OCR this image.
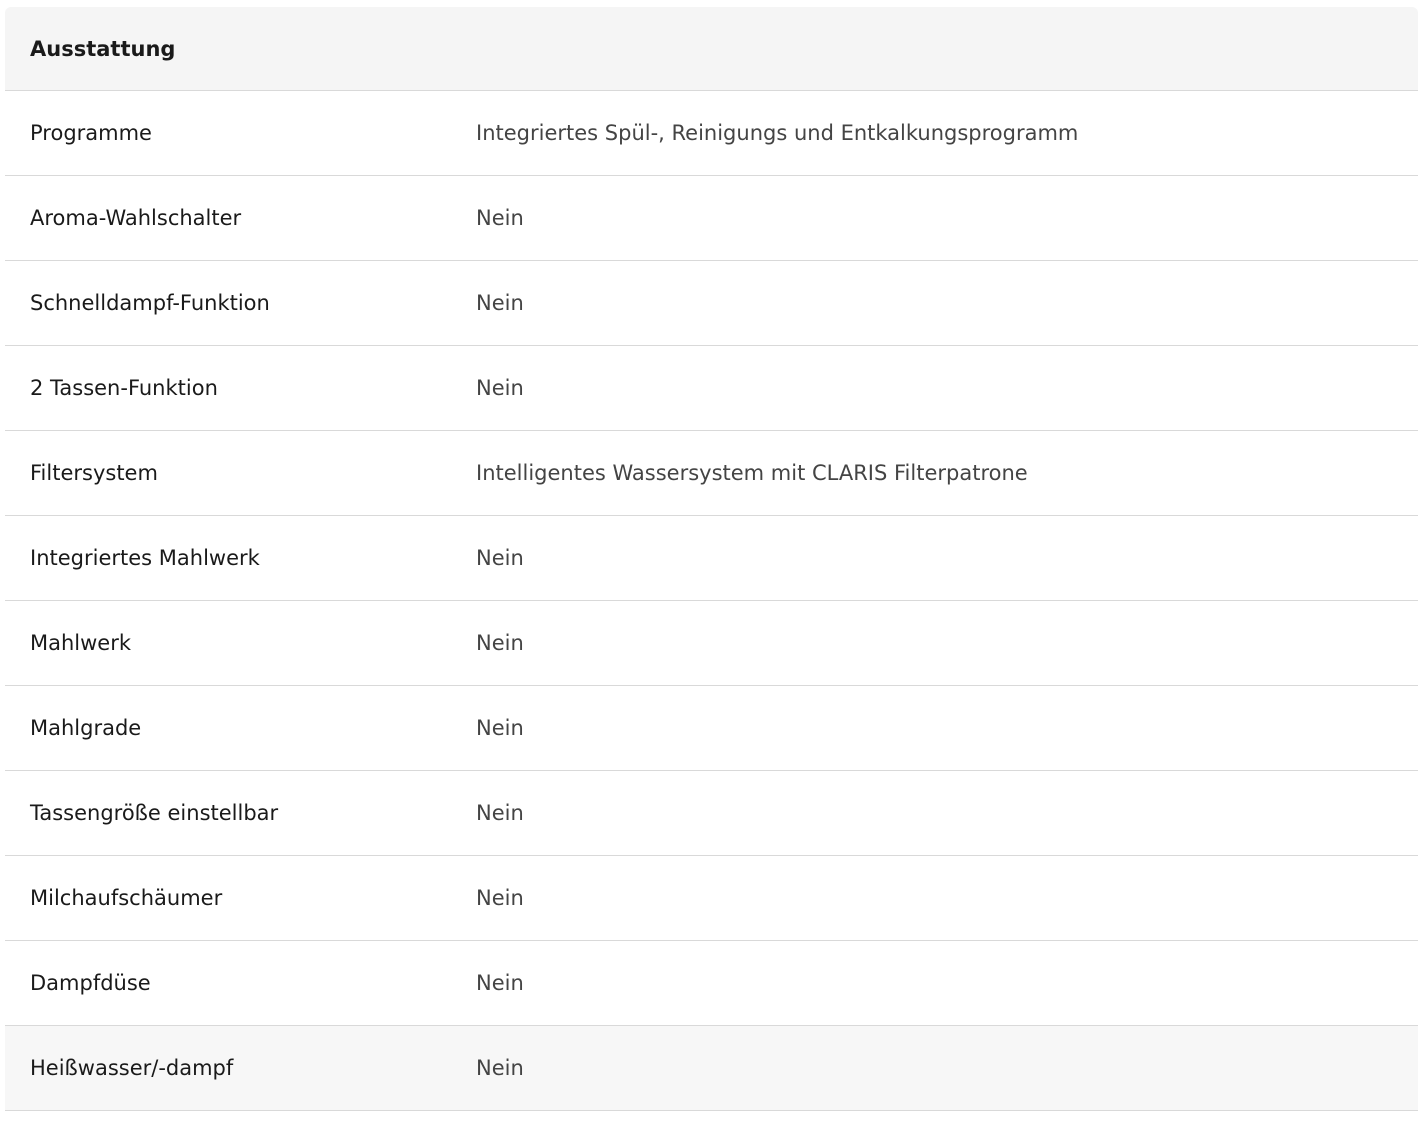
Ausstattung
Programme	Integriertes Spül-, Reinigungs und Entkalkungsprogramm
Aroma-Wahlschalter	Nein
Schnelldampf-Funktion	Nein
2 Tassen-Funktion	Nein
Filtersystem	Intelligentes Wassersystem mit CLARIS Filterpatrone
Integriertes Mahlwerk	Nein
Mahlwerk	Nein
Mahlgrade	Nein
Tassengröße einstellbar	Nein
Milchaufschäumer	Nein
Dampfdüse	Nein
Heißwasser/-dampf	Nein
